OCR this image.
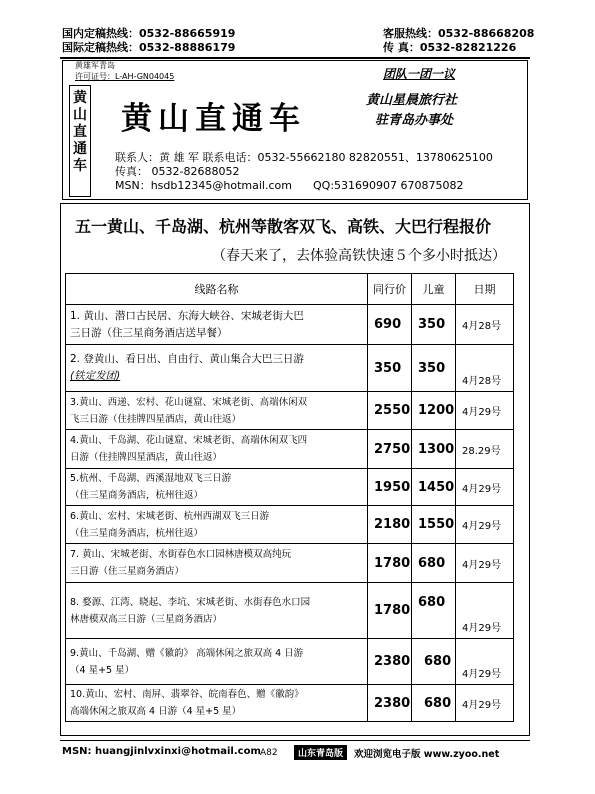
国内定稿热线：0532-88665919
国际定稿热线：0532-88886179
客服热线：0532-88668208
传 真：0532-82821226
黄雄军青岛
许可证号：L-AH-GN04045
黄山直通车
黄山直通车
团队一团一议
黄山星晨旅行社
驻青岛办事处
联系人：黄 雄 军 联系电话：0532-55662180 82820551、13780625100
传真： 0532-82688052
MSN：hsdb12345@hotmail.com QQ:531690907 670875082
五一黄山、千岛湖、杭州等散客双飞、高铁、大巴行程报价
（春天来了，去体验高铁快速５个多小时抵达）
线路名称	同行价	儿童	日期

1. 黄山、潜口古民居、东海大峡谷、宋城老街大巴
三日游（住三星商务酒店送早餐）	690	350	4月28号

2. 登黄山、看日出、自由行、黄山集合大巴三日游
(铁定发团)	350	350	4月28号

3.黄山、西递、宏村、花山谜窟、宋城老街、高端休闲双
飞三日游（住挂牌四星酒店，黄山往返）	2550	1200	4月29号

4.黄山、千岛湖、花山谜窟、宋城老街、高端休闲双飞四
日游（住挂牌四星酒店，黄山往返）	2750	1300	28.29号

5.杭州、千岛湖、西溪湿地双飞三日游
（住三星商务酒店，杭州往返）	1950	1450	4月29号

6.黄山、宏村、宋城老街、杭州西湖双飞三日游
（住三星商务酒店，杭州往返）	2180	1550	4月29号

7. 黄山、宋城老街、水街春色水口园林唐模双高纯玩
三日游（住三星商务酒店）	1780	680	4月29号

8. 婺源、江湾、晓起、李坑、宋城老街、水街春色水口园
林唐模双高三日游（三星商务酒店）	1780	680	4月29号

9.黄山、千岛湖、赠《徽韵》 高端休闲之旅双高 4 日游
（4 星+5 星）	2380	680	4月29号

10.黄山、宏村、南屏、翡翠谷、皖南春色、赠《徽韵》
高端休闲之旅双高 4 日游（4 星+5 星）	2380	680	4月29号
MSN: huangjinlvxinxi@hotmail.com A82	山东青岛版	欢迎浏览电子版 www.zyoo.net
